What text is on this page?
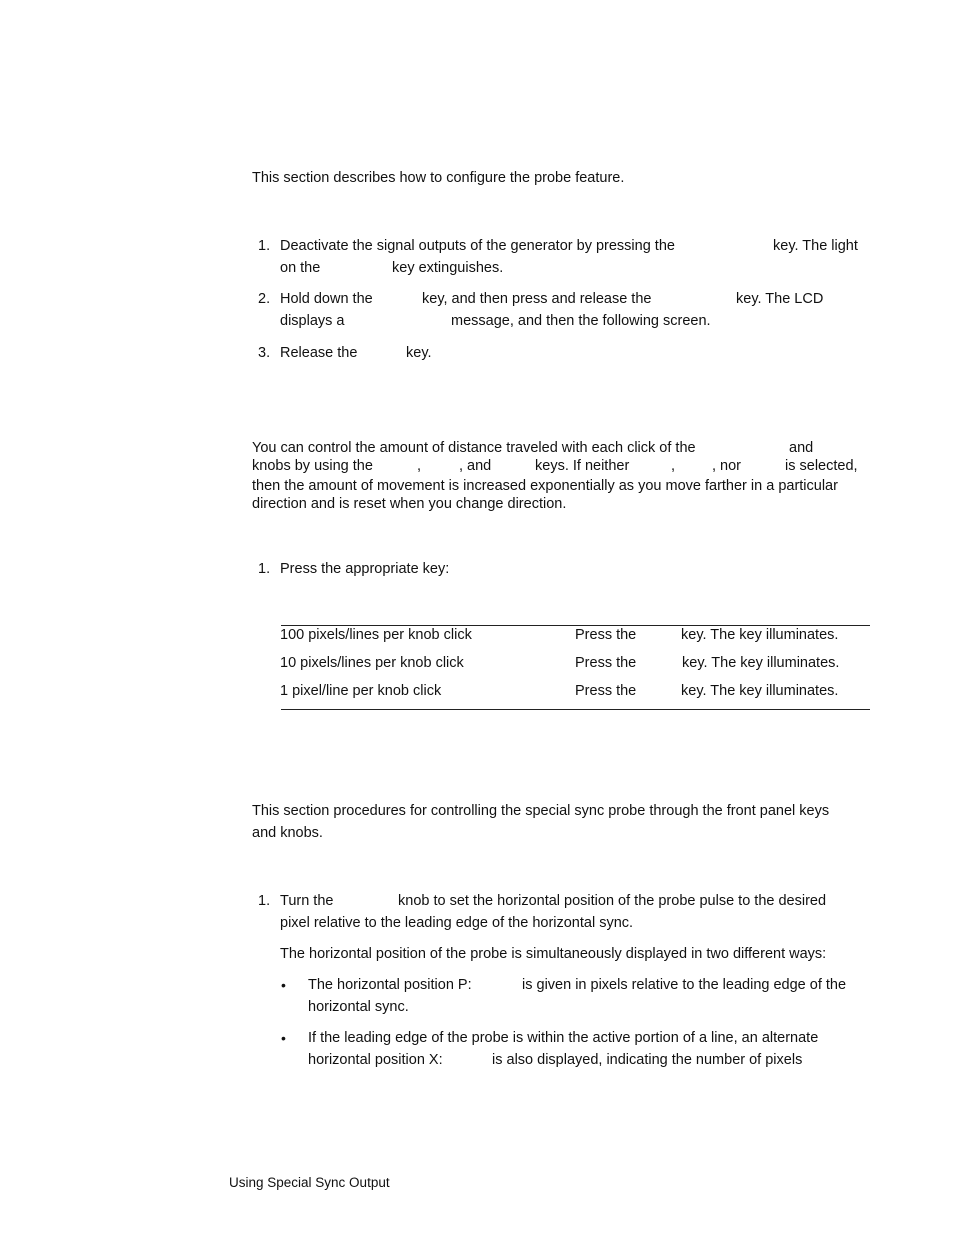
This section describes how to configure the probe feature.
1. Deactivate the signal outputs of the generator by pressing the	key. The light
on the	key extinguishes.
2. Hold down the	key, and then press and release the	key. The LCD
displays a	message, and then the following screen.
3. Release the	key.
You can control the amount of distance traveled with each click of the	and
knobs by using the	,	, and	keys. If neither	,	, nor	is selected,
then the amount of movement is increased exponentially as you move farther in a particular
direction and is reset when you change direction.
1. Press the appropriate key:
100 pixels/lines per knob click	Press the	key. The key illuminates.
10 pixels/lines per knob click	Press the	key. The key illuminates.
1 pixel/line per knob click	Press the	key. The key illuminates.
This section procedures for controlling the special sync probe through the front panel keys
and knobs.
1. Turn the	knob to set the horizontal position of the probe pulse to the desired
pixel relative to the leading edge of the horizontal sync.
The horizontal position of the probe is simultaneously displayed in two different ways:
• The horizontal position P:	is given in pixels relative to the leading edge of the
horizontal sync.
• If the leading edge of the probe is within the active portion of a line, an alternate
horizontal position X:	is also displayed, indicating the number of pixels
Using Special Sync Output
